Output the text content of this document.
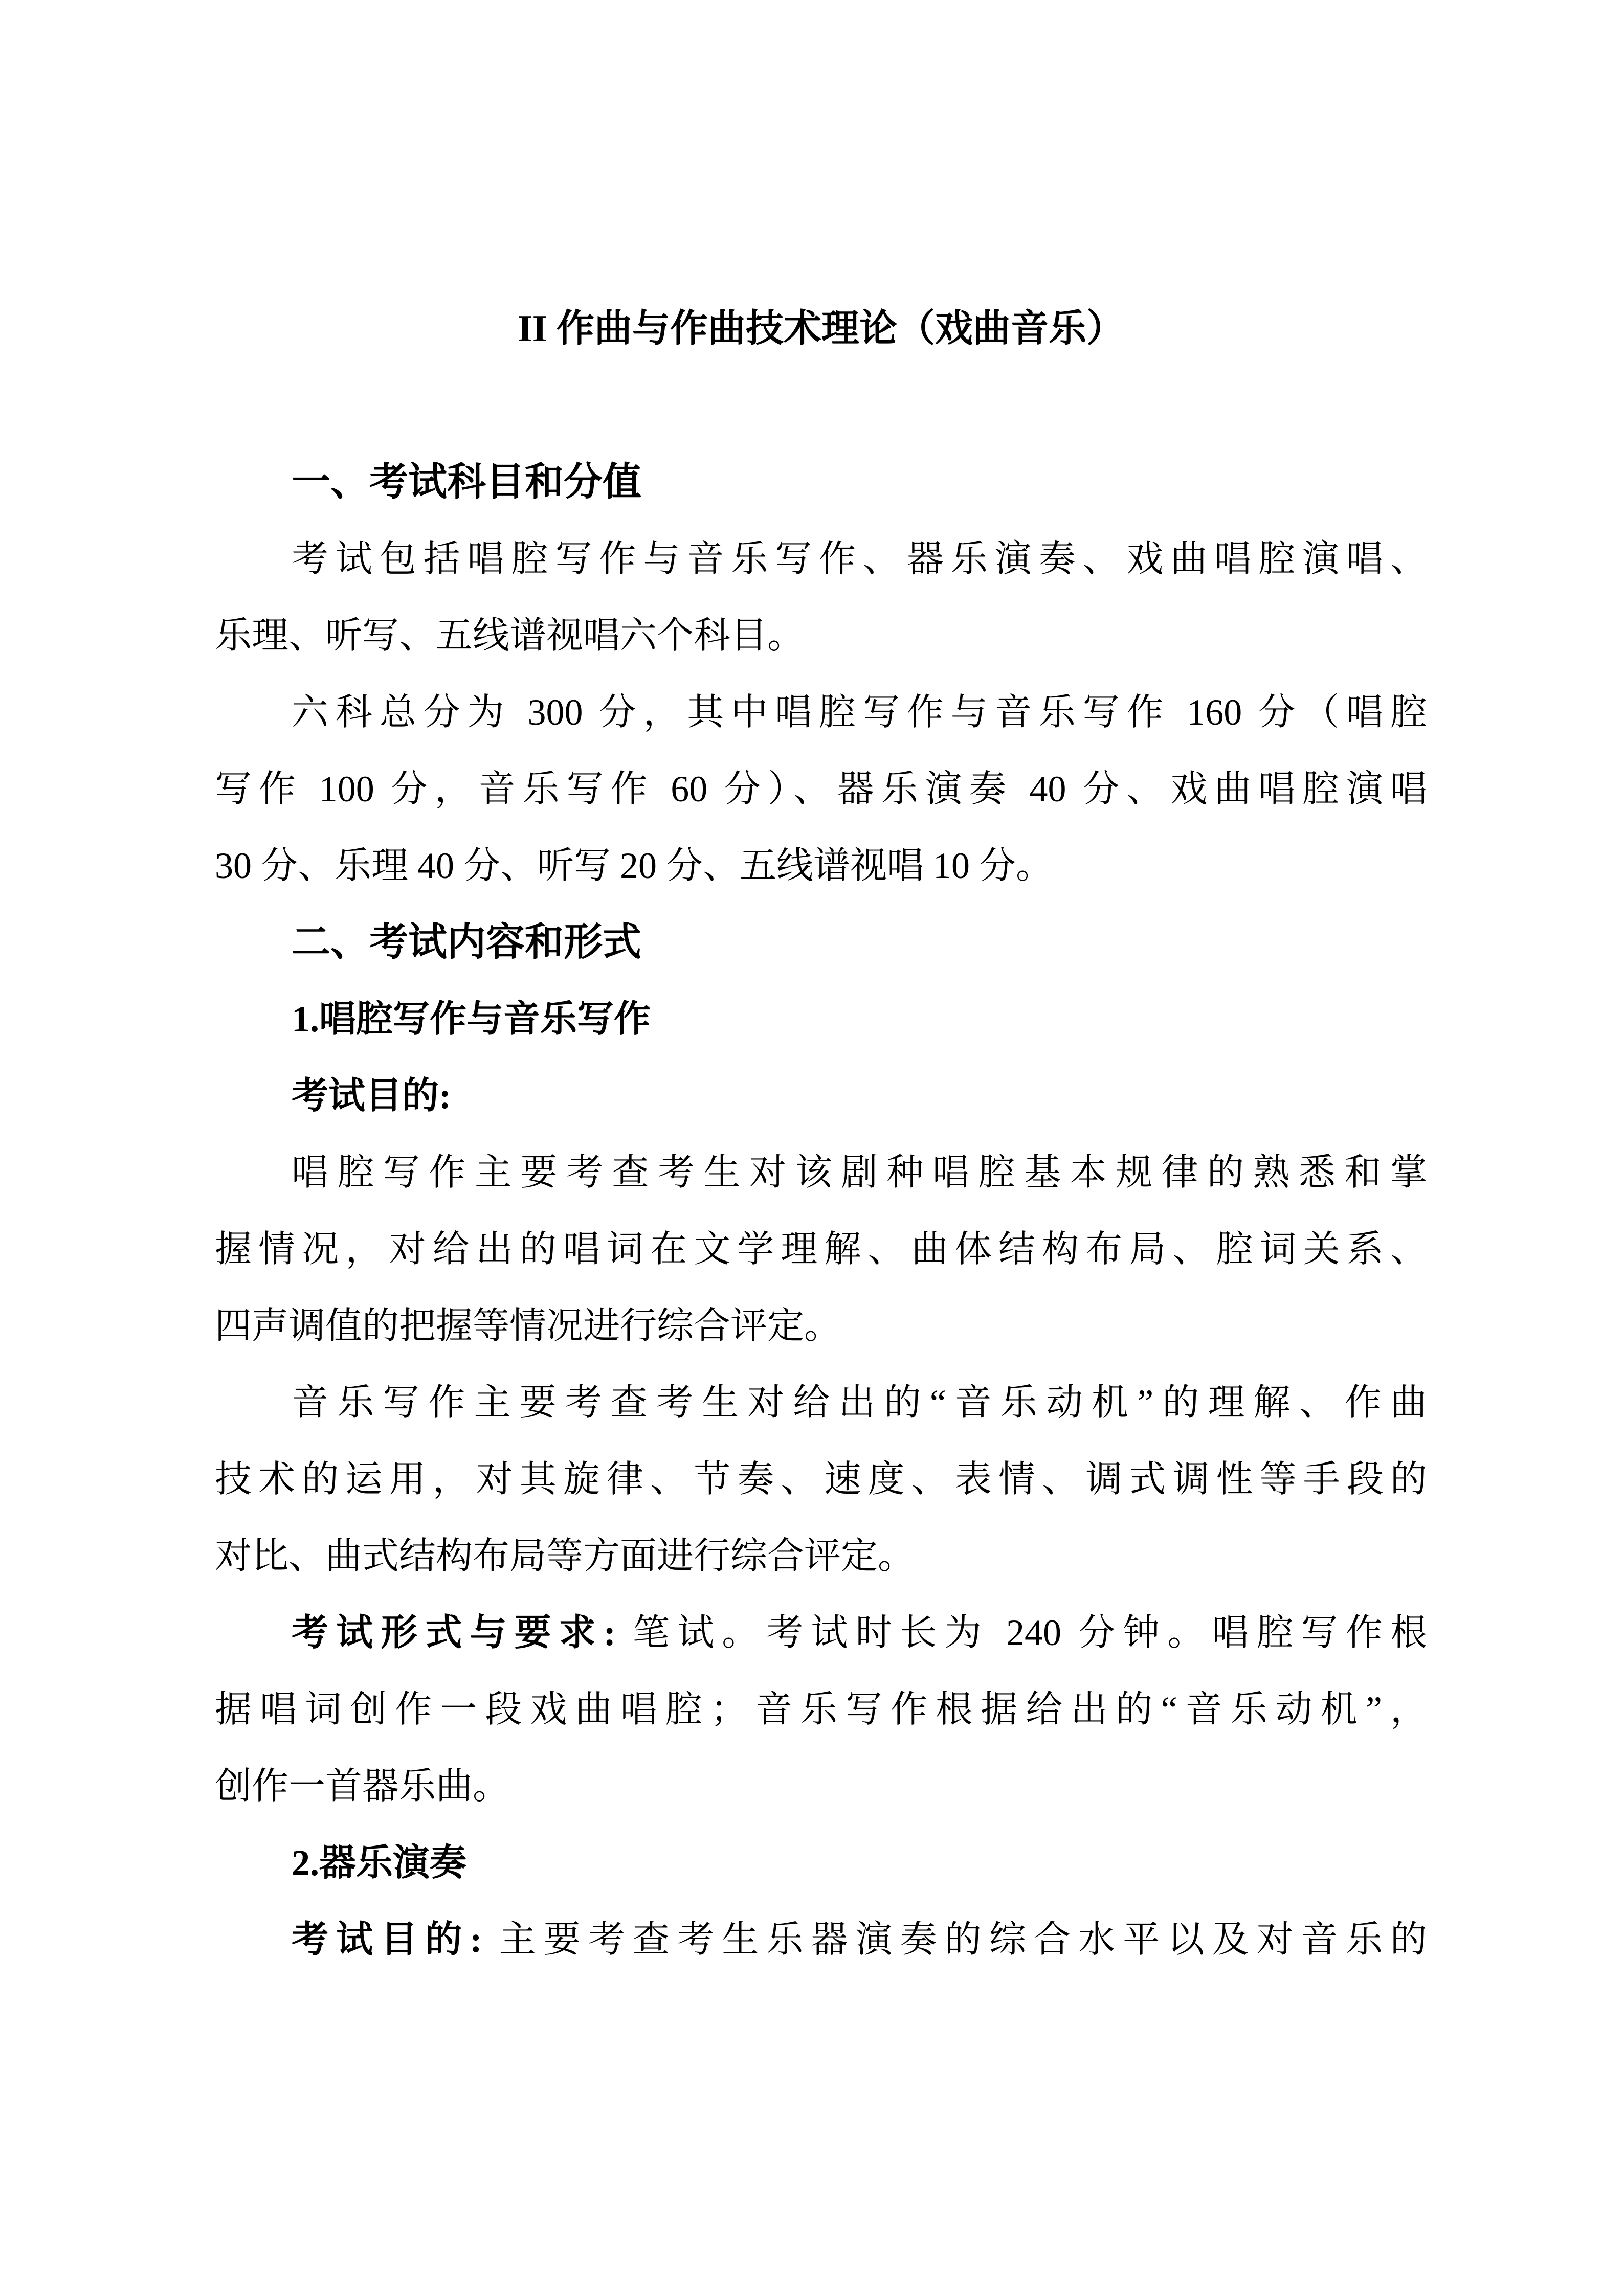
II 作曲与作曲技术理论（戏曲音乐）
一、考试科目和分值
考试包括唱腔写作与音乐写作、器乐演奏、戏曲唱腔演唱、
乐理、听写、五线谱视唱六个科目。
六科总分为 300 分，其中唱腔写作与音乐写作 160 分（唱腔
写作 100 分，音乐写作 60 分）、器乐演奏 40 分、戏曲唱腔演唱
30 分、乐理 40 分、听写 20 分、五线谱视唱 10 分。
二、考试内容和形式
1.唱腔写作与音乐写作
考试目的:
唱腔写作主要考查考生对该剧种唱腔基本规律的熟悉和掌
握情况，对给出的唱词在文学理解、曲体结构布局、腔词关系、
四声调值的把握等情况进行综合评定。
音乐写作主要考查考生对给出的“音乐动机”的理解、作曲
技术的运用，对其旋律、节奏、速度、表情、调式调性等手段的
对比、曲式结构布局等方面进行综合评定。
考试形式与要求: 笔试。考试时长为 240 分钟。唱腔写作根
据唱词创作一段戏曲唱腔；音乐写作根据给出的“音乐动机”，
创作一首器乐曲。
2.器乐演奏
考试目的: 主要考查考生乐器演奏的综合水平以及对音乐的
